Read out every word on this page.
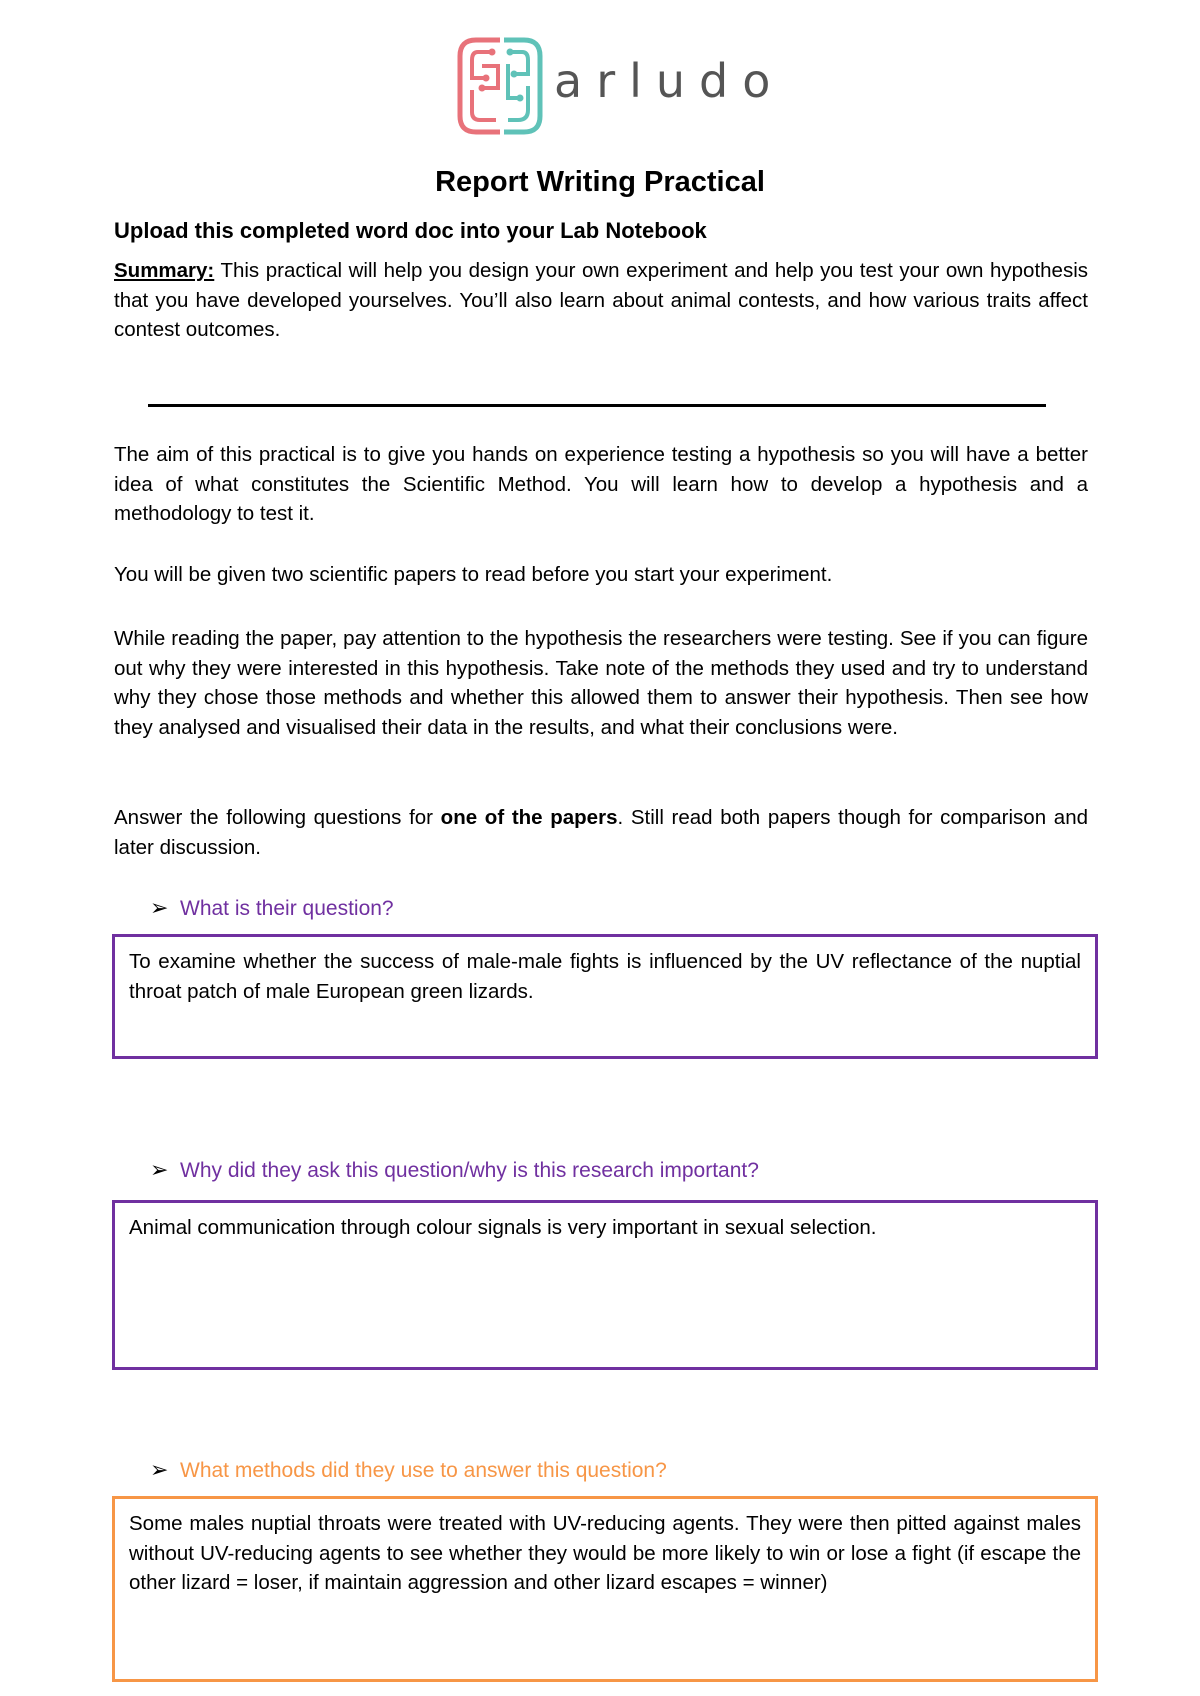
arludo
Report Writing Practical
Upload this completed word doc into your Lab Notebook
Summary: This practical will help you design your own experiment and help you test your own hypothesis that you have developed yourselves. You’ll also learn about animal contests, and how various traits affect contest outcomes.
The aim of this practical is to give you hands on experience testing a hypothesis so you will have a better idea of what constitutes the Scientific Method. You will learn how to develop a hypothesis and a methodology to test it.
You will be given two scientific papers to read before you start your experiment.
While reading the paper, pay attention to the hypothesis the researchers were testing. See if you can figure out why they were interested in this hypothesis. Take note of the methods they used and try to understand why they chose those methods and whether this allowed them to answer their hypothesis. Then see how they analysed and visualised their data in the results, and what their conclusions were.
Answer the following questions for one of the papers. Still read both papers though for comparison and later discussion.
➢ What is their question?
To examine whether the success of male-male fights is influenced by the UV reflectance of the nuptial throat patch of male European green lizards.
➢ Why did they ask this question/why is this research important?
Animal communication through colour signals is very important in sexual selection.
➢ What methods did they use to answer this question?
Some males nuptial throats were treated with UV-reducing agents. They were then pitted against males without UV-reducing agents to see whether they would be more likely to win or lose a fight (if escape the other lizard = loser, if maintain aggression and other lizard escapes = winner)
